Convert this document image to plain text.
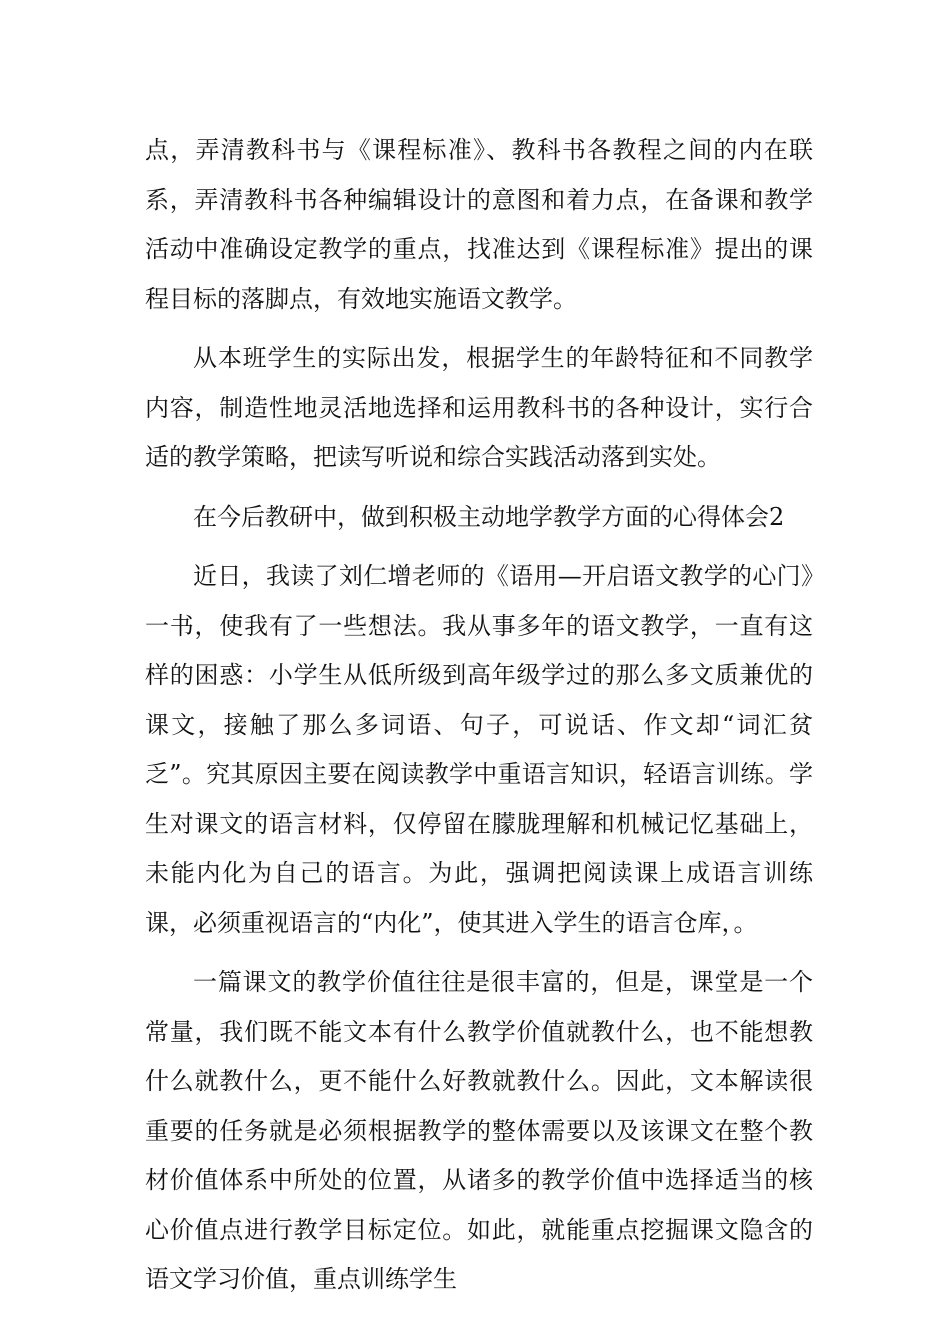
点，弄清教科书与《课程标准》、教科书各教程之间的内在联系，弄清教科书各种编辑设计的意图和着力点，在备课和教学活动中准确设定教学的重点，找准达到《课程标准》提出的课程目标的落脚点，有效地实施语文教学。

从本班学生的实际出发，根据学生的年龄特征和不同教学内容，制造性地灵活地选择和运用教科书的各种设计，实行合适的教学策略，把读写听说和综合实践活动落到实处。

在今后教研中，做到积极主动地学教学方面的心得体会2

近日，我读了刘仁增老师的《语用—开启语文教学的心门》一书，使我有了一些想法。我从事多年的语文教学，一直有这样的困惑：小学生从低所级到高年级学过的那么多文质兼优的课文，接触了那么多词语、句子，可说话、作文却“词汇贫乏”。究其原因主要在阅读教学中重语言知识，轻语言训练。学生对课文的语言材料，仅停留在朦胧理解和机械记忆基础上，未能内化为自己的语言。为此，强调把阅读课上成语言训练课，必须重视语言的“内化”，使其进入学生的语言仓库，。

一篇课文的教学价值往往是很丰富的，但是，课堂是一个常量，我们既不能文本有什么教学价值就教什么，也不能想教什么就教什么，更不能什么好教就教什么。因此，文本解读很重要的任务就是必须根据教学的整体需要以及该课文在整个教材价值体系中所处的位置，从诸多的教学价值中选择适当的核心价值点进行教学目标定位。如此，就能重点挖掘课文隐含的语文学习价值，重点训练学生
